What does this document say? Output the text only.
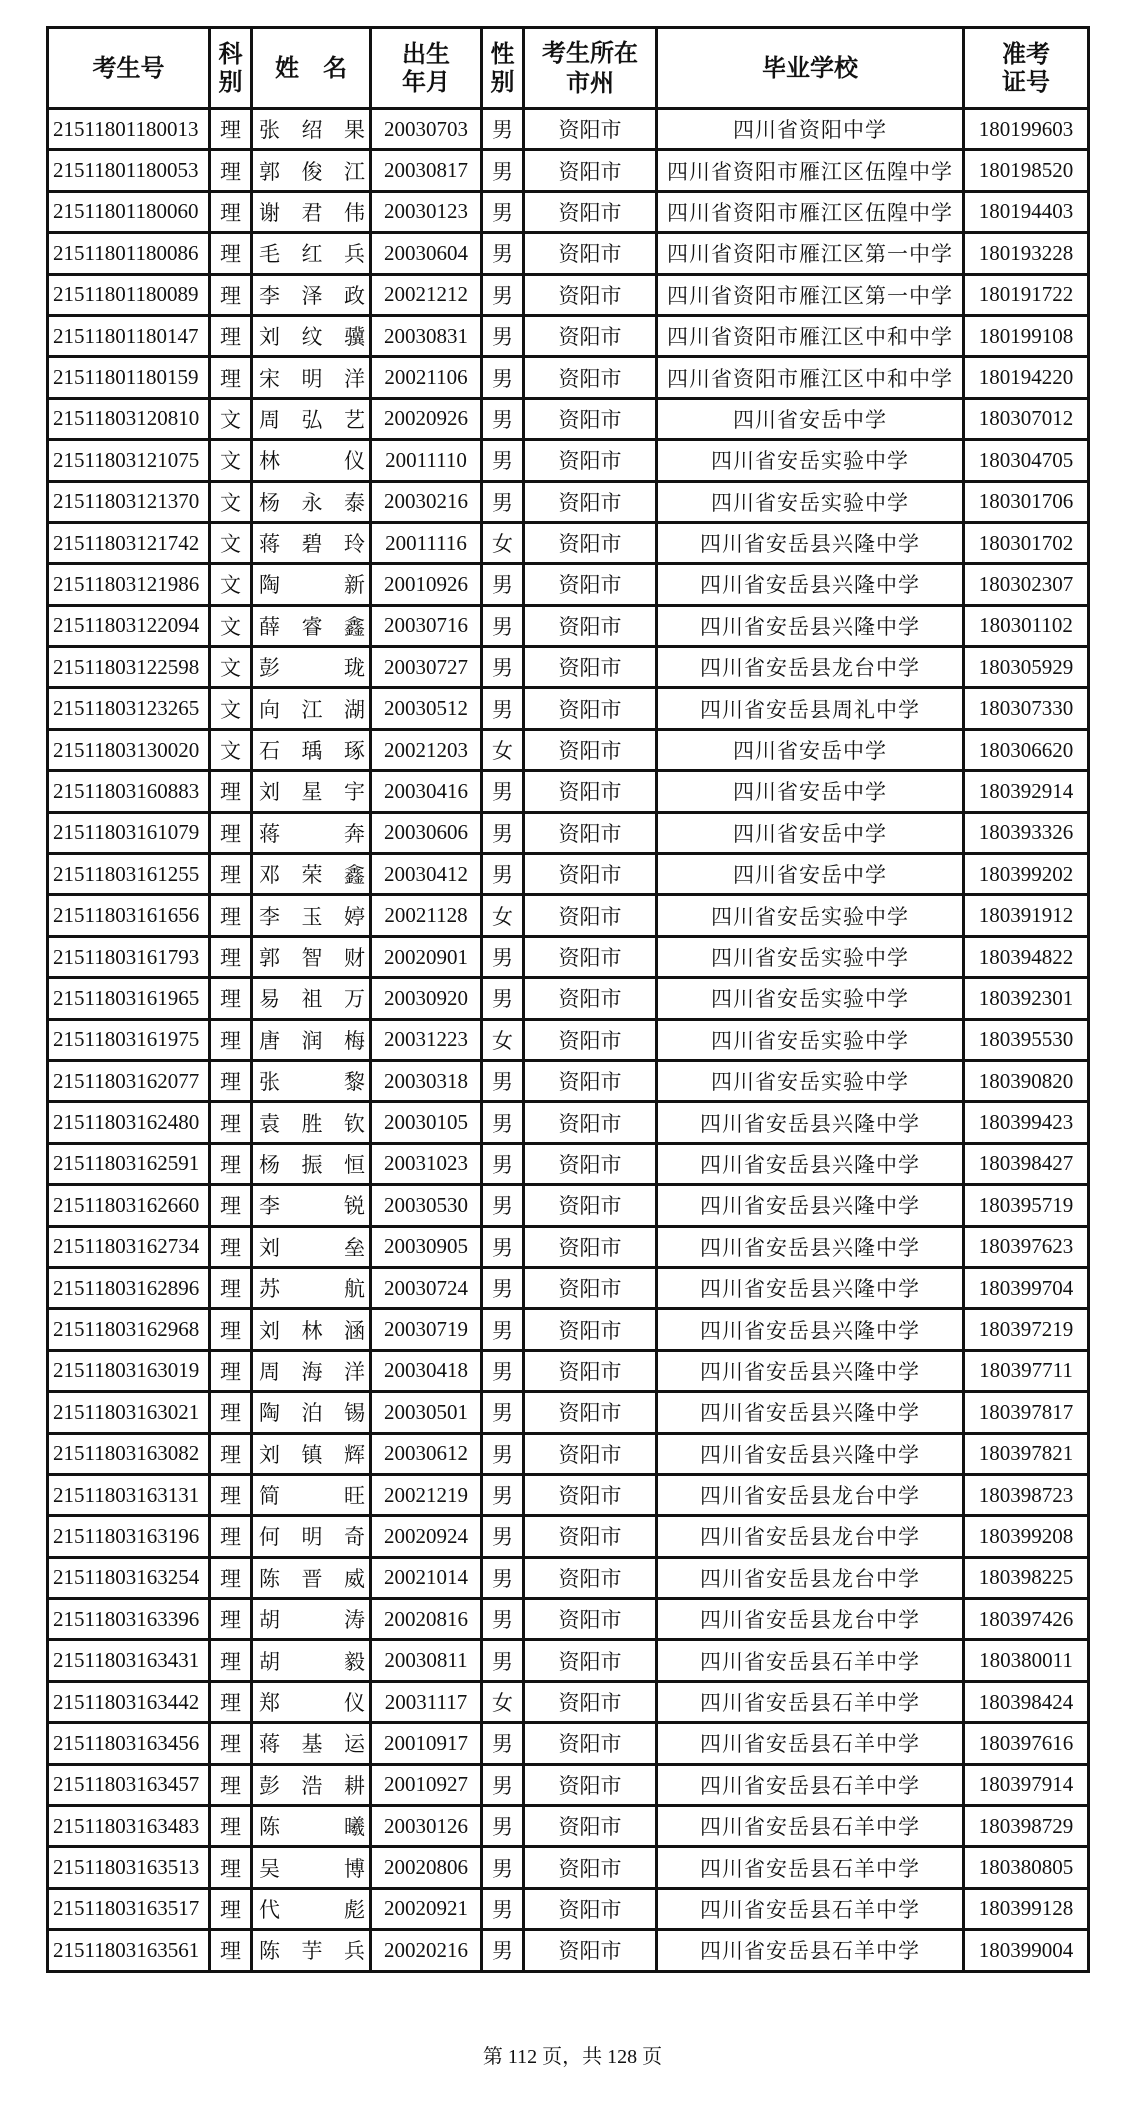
考生号	科别	姓　名	出生年月	性别	考生所在市州	毕业学校	准考证号
21511801180013	理	张绍果	20030703	男	资阳市	四川省资阳中学	180199603
21511801180053	理	郭俊江	20030817	男	资阳市	四川省资阳市雁江区伍隍中学	180198520
21511801180060	理	谢君伟	20030123	男	资阳市	四川省资阳市雁江区伍隍中学	180194403
21511801180086	理	毛红兵	20030604	男	资阳市	四川省资阳市雁江区第一中学	180193228
21511801180089	理	李泽政	20021212	男	资阳市	四川省资阳市雁江区第一中学	180191722
21511801180147	理	刘纹骥	20030831	男	资阳市	四川省资阳市雁江区中和中学	180199108
21511801180159	理	宋明洋	20021106	男	资阳市	四川省资阳市雁江区中和中学	180194220
21511803120810	文	周弘艺	20020926	男	资阳市	四川省安岳中学	180307012
21511803121075	文	林仪	20011110	男	资阳市	四川省安岳实验中学	180304705
21511803121370	文	杨永泰	20030216	男	资阳市	四川省安岳实验中学	180301706
21511803121742	文	蒋碧玲	20011116	女	资阳市	四川省安岳县兴隆中学	180301702
21511803121986	文	陶新	20010926	男	资阳市	四川省安岳县兴隆中学	180302307
21511803122094	文	薛睿鑫	20030716	男	资阳市	四川省安岳县兴隆中学	180301102
21511803122598	文	彭珑	20030727	男	资阳市	四川省安岳县龙台中学	180305929
21511803123265	文	向江湖	20030512	男	资阳市	四川省安岳县周礼中学	180307330
21511803130020	文	石瑀琢	20021203	女	资阳市	四川省安岳中学	180306620
21511803160883	理	刘星宇	20030416	男	资阳市	四川省安岳中学	180392914
21511803161079	理	蒋奔	20030606	男	资阳市	四川省安岳中学	180393326
21511803161255	理	邓荣鑫	20030412	男	资阳市	四川省安岳中学	180399202
21511803161656	理	李玉婷	20021128	女	资阳市	四川省安岳实验中学	180391912
21511803161793	理	郭智财	20020901	男	资阳市	四川省安岳实验中学	180394822
21511803161965	理	易祖万	20030920	男	资阳市	四川省安岳实验中学	180392301
21511803161975	理	唐润梅	20031223	女	资阳市	四川省安岳实验中学	180395530
21511803162077	理	张黎	20030318	男	资阳市	四川省安岳实验中学	180390820
21511803162480	理	袁胜钦	20030105	男	资阳市	四川省安岳县兴隆中学	180399423
21511803162591	理	杨振恒	20031023	男	资阳市	四川省安岳县兴隆中学	180398427
21511803162660	理	李锐	20030530	男	资阳市	四川省安岳县兴隆中学	180395719
21511803162734	理	刘垒	20030905	男	资阳市	四川省安岳县兴隆中学	180397623
21511803162896	理	苏航	20030724	男	资阳市	四川省安岳县兴隆中学	180399704
21511803162968	理	刘林涵	20030719	男	资阳市	四川省安岳县兴隆中学	180397219
21511803163019	理	周海洋	20030418	男	资阳市	四川省安岳县兴隆中学	180397711
21511803163021	理	陶泊锡	20030501	男	资阳市	四川省安岳县兴隆中学	180397817
21511803163082	理	刘镇辉	20030612	男	资阳市	四川省安岳县兴隆中学	180397821
21511803163131	理	简旺	20021219	男	资阳市	四川省安岳县龙台中学	180398723
21511803163196	理	何明奇	20020924	男	资阳市	四川省安岳县龙台中学	180399208
21511803163254	理	陈晋威	20021014	男	资阳市	四川省安岳县龙台中学	180398225
21511803163396	理	胡涛	20020816	男	资阳市	四川省安岳县龙台中学	180397426
21511803163431	理	胡毅	20030811	男	资阳市	四川省安岳县石羊中学	180380011
21511803163442	理	郑仪	20031117	女	资阳市	四川省安岳县石羊中学	180398424
21511803163456	理	蒋基运	20010917	男	资阳市	四川省安岳县石羊中学	180397616
21511803163457	理	彭浩耕	20010927	男	资阳市	四川省安岳县石羊中学	180397914
21511803163483	理	陈曦	20030126	男	资阳市	四川省安岳县石羊中学	180398729
21511803163513	理	吴博	20020806	男	资阳市	四川省安岳县石羊中学	180380805
21511803163517	理	代彪	20020921	男	资阳市	四川省安岳县石羊中学	180399128
21511803163561	理	陈芋兵	20020216	男	资阳市	四川省安岳县石羊中学	180399004
第 112 页，共 128 页
